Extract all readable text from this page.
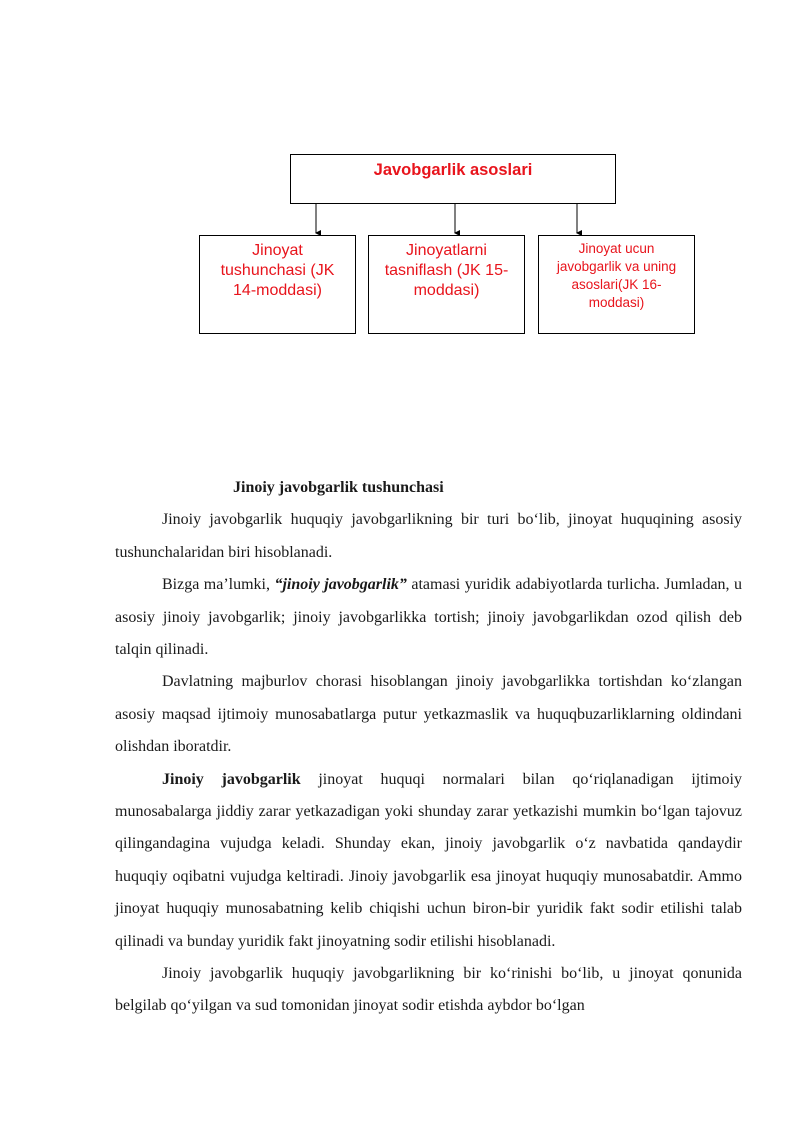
Javobgarlik asoslari
Jinoyat tushunchasi (JK 14-moddasi)
Jinoyatlarni tasniflash (JK 15-moddasi)
Jinoyat ucun javobgarlik va uning asoslari(JK 16-moddasi)
Jinoiy javobgarlik tushunchasi
Jinoiy javobgarlik huquqiy javobgarlikning bir turi bo‘lib, jinoyat huquqining asosiy tushunchalaridan biri hisoblanadi.
Bizga ma’lumki, “jinoiy javobgarlik” atamasi yuridik adabiyotlarda turlicha. Jumladan, u asosiy jinoiy javobgarlik; jinoiy javobgarlikka tortish; jinoiy javobgarlikdan ozod qilish deb talqin qilinadi.
Davlatning majburlov chorasi hisoblangan jinoiy javobgarlikka tortishdan ko‘zlangan asosiy maqsad ijtimoiy munosabatlarga putur yetkazmaslik va huquqbuzarliklarning oldindani olishdan iboratdir.
Jinoiy javobgarlik jinoyat huquqi normalari bilan qo‘riqlanadigan ijtimoiy munosabalarga jiddiy zarar yetkazadigan yoki shunday zarar yetkazishi mumkin bo‘lgan tajovuz qilingandagina vujudga keladi. Shunday ekan, jinoiy javobgarlik o‘z navbatida qandaydir huquqiy oqibatni vujudga keltiradi. Jinoiy javobgarlik esa jinoyat huquqiy munosabatdir. Ammo jinoyat huquqiy munosabatning kelib chiqishi uchun biron-bir yuridik fakt sodir etilishi talab qilinadi va bunday yuridik fakt jinoyatning sodir etilishi hisoblanadi.
Jinoiy javobgarlik huquqiy javobgarlikning bir ko‘rinishi bo‘lib, u jinoyat qonunida belgilab qo‘yilgan va sud tomonidan jinoyat sodir etishda aybdor bo‘lgan
